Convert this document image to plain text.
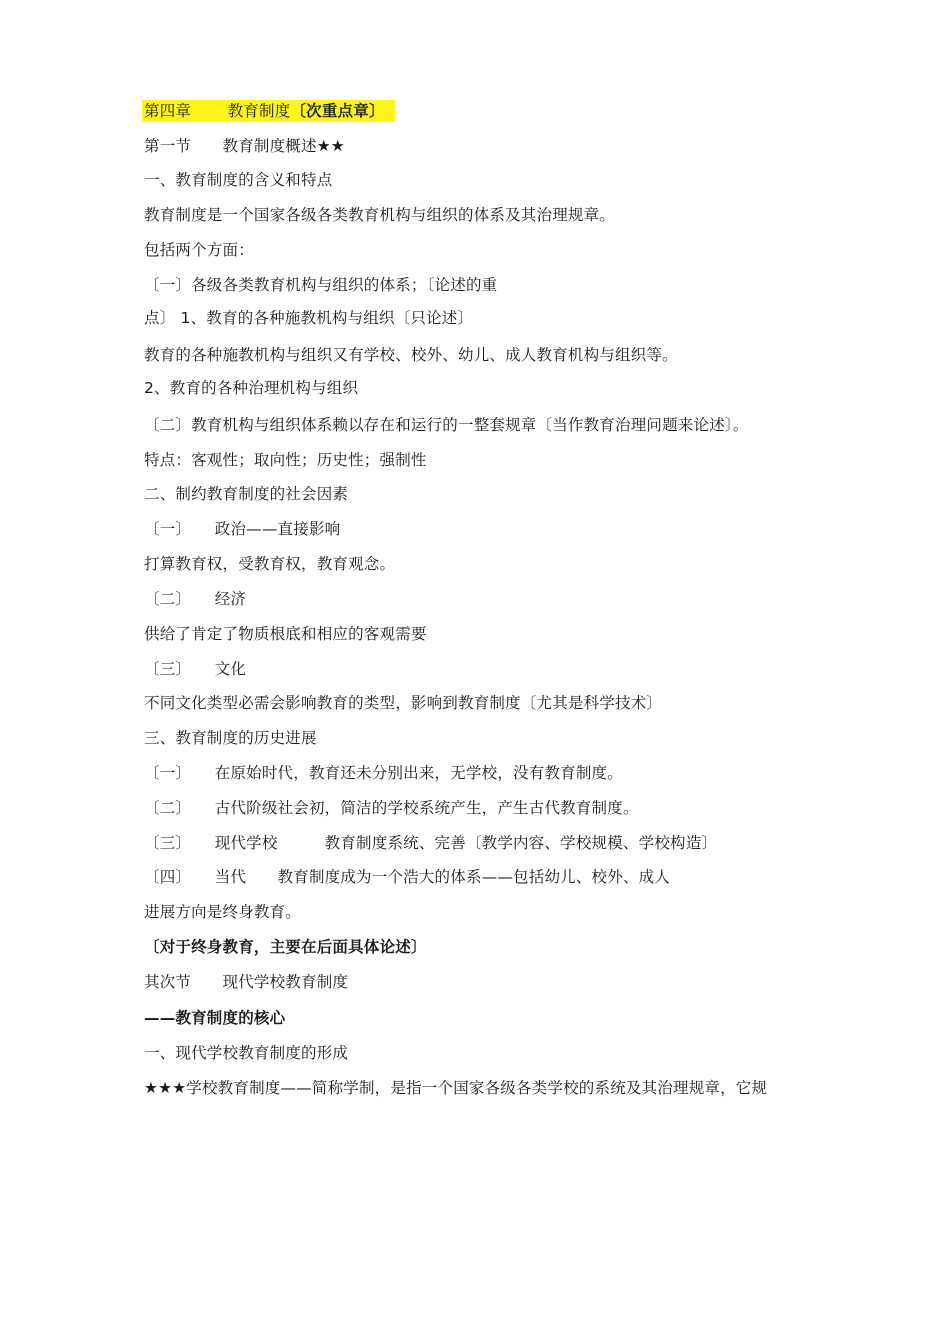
第四章　　 教育制度〔次重点章〕
第一节　　教育制度概述★★
一、教育制度的含义和特点
教育制度是一个国家各级各类教育机构与组织的体系及其治理规章。
包括两个方面：
〔一〕各级各类教育机构与组织的体系；〔论述的重
点〕 1、教育的各种施教机构与组织〔只论述〕
教育的各种施教机构与组织又有学校、校外、幼儿、成人教育机构与组织等。
2、教育的各种治理机构与组织
〔二〕教育机构与组织体系赖以存在和运行的一整套规章〔当作教育治理问题来论述〕。
特点：客观性；取向性；历史性；强制性
二、制约教育制度的社会因素
〔一〕　　政治——直接影响
打算教育权，受教育权，教育观念。
〔二〕　　经济
供给了肯定了物质根底和相应的客观需要
〔三〕　　文化
不同文化类型必需会影响教育的类型，影响到教育制度〔尤其是科学技术〕
三、教育制度的历史进展
〔一〕　　在原始时代，教育还未分别出来，无学校，没有教育制度。
〔二〕　　古代阶级社会初，简洁的学校系统产生，产生古代教育制度。
〔三〕　　现代学校　　　教育制度系统、完善〔教学内容、学校规模、学校构造〕
〔四〕　　当代　　教育制度成为一个浩大的体系——包括幼儿、校外、成人
进展方向是终身教育。
〔对于终身教育，主要在后面具体论述〕
其次节　　现代学校教育制度
——教育制度的核心
一、现代学校教育制度的形成
★★★学校教育制度——简称学制，是指一个国家各级各类学校的系统及其治理规章，它规
